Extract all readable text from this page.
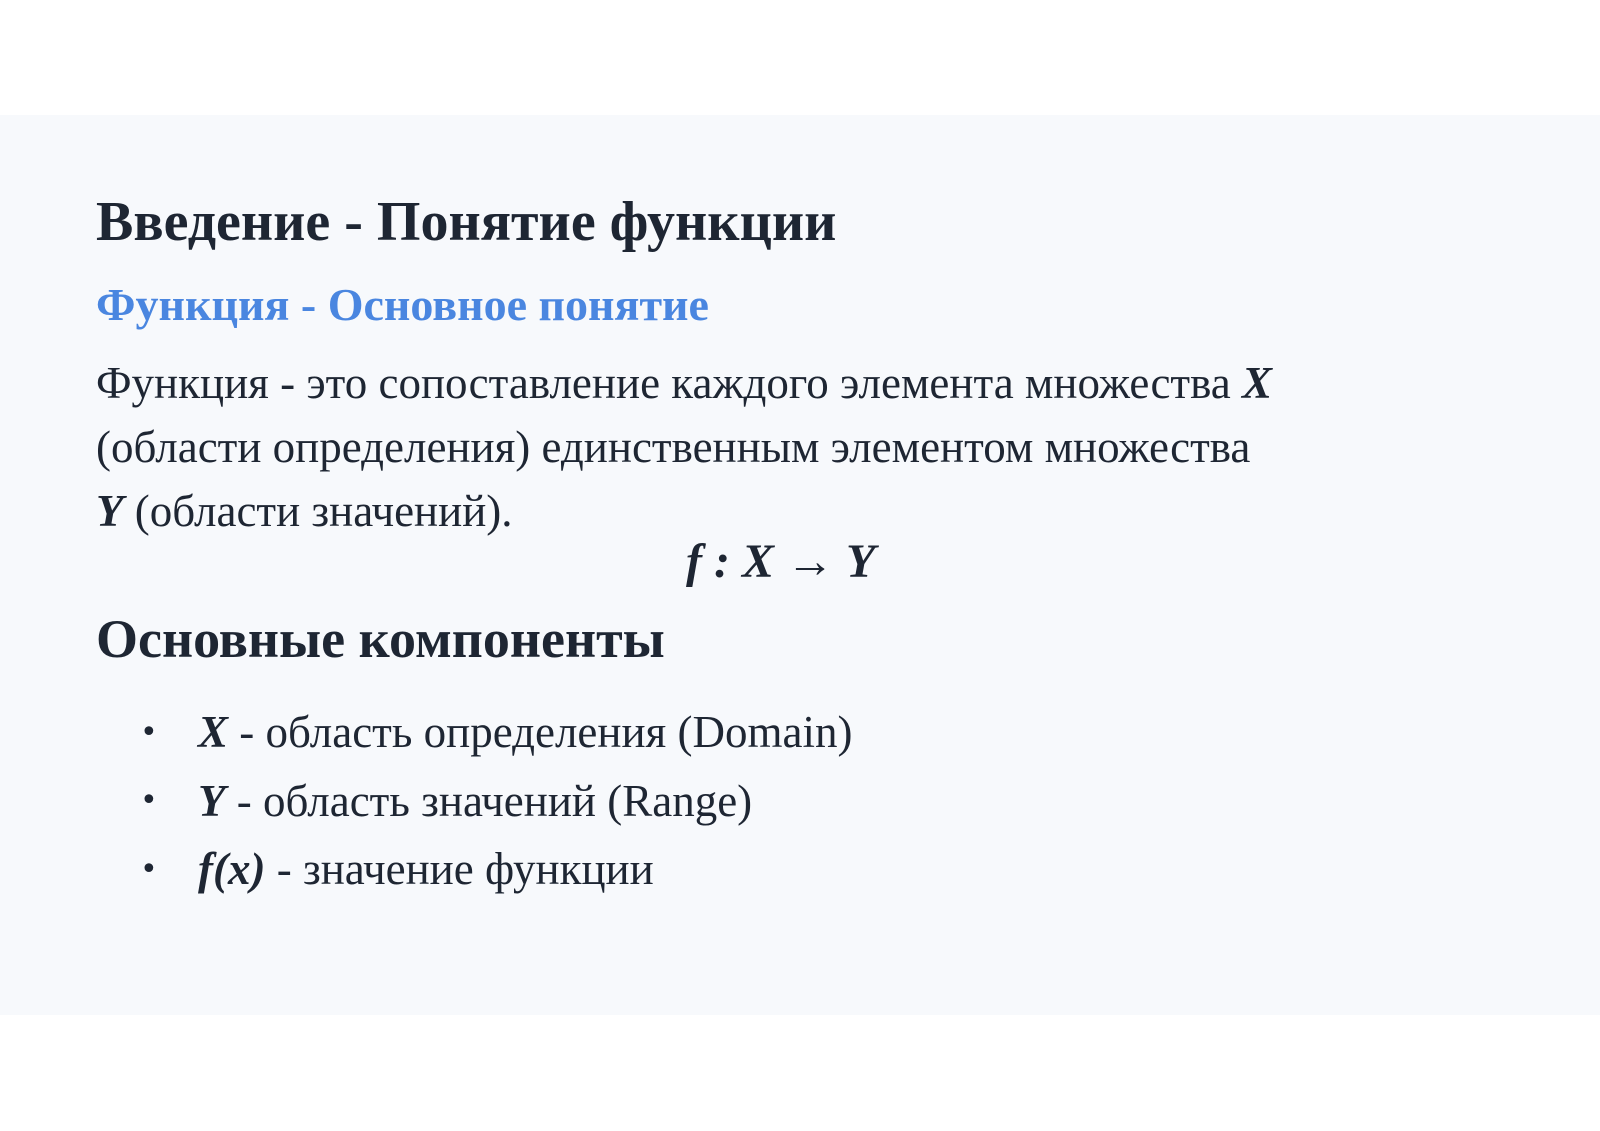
Введение - Понятие функции
Функция - Основное понятие

Функция - это сопоставление каждого элемента множества X
(области определения) единственным элементом множества
Y (области значений).

f : X → Y
Основные компоненты
• X - область определения (Domain)
• Y - область значений (Range)
• f(x) - значение функции
